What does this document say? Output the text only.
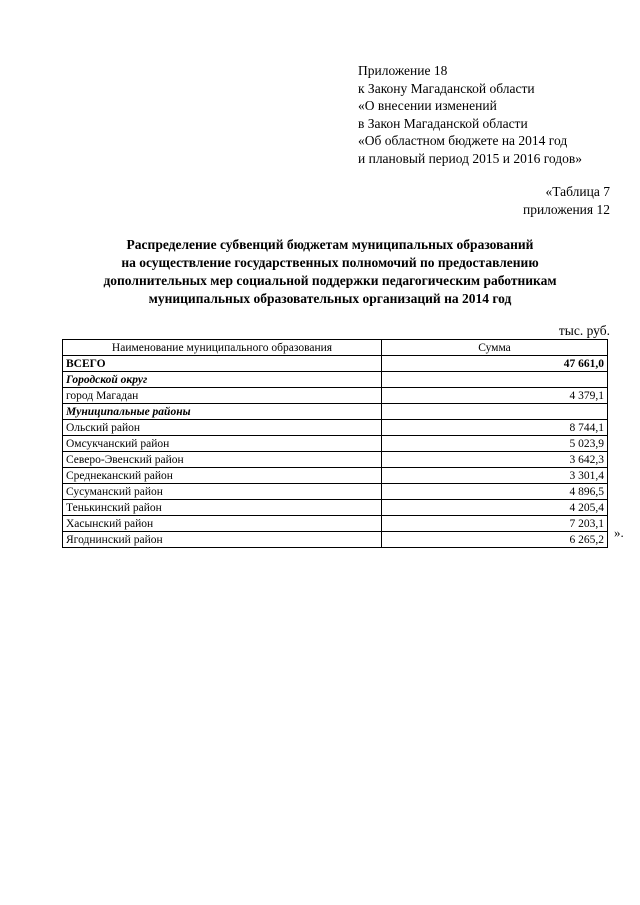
Приложение 18
к Закону Магаданской области
«О внесении изменений
в Закон Магаданской области
«Об областном бюджете на 2014 год
и плановый период 2015 и 2016 годов»
«Таблица 7
приложения 12
Распределение субвенций бюджетам муниципальных образований
на осуществление государственных полномочий по предоставлению
дополнительных мер социальной поддержки педагогическим работникам
муниципальных образовательных организаций на 2014 год
тыс. руб.
Наименование муниципального образования	Сумма
ВСЕГО	47 661,0
Городской округ	
город Магадан	4 379,1
Муниципальные районы	
Ольский район	8 744,1
Омсукчанский район	5 023,9
Северо-Эвенский район	3 642,3
Среднеканский район	3 301,4
Сусуманский район	4 896,5
Тенькинский район	4 205,4
Хасынский район	7 203,1
Ягоднинский район	6 265,2 ».
